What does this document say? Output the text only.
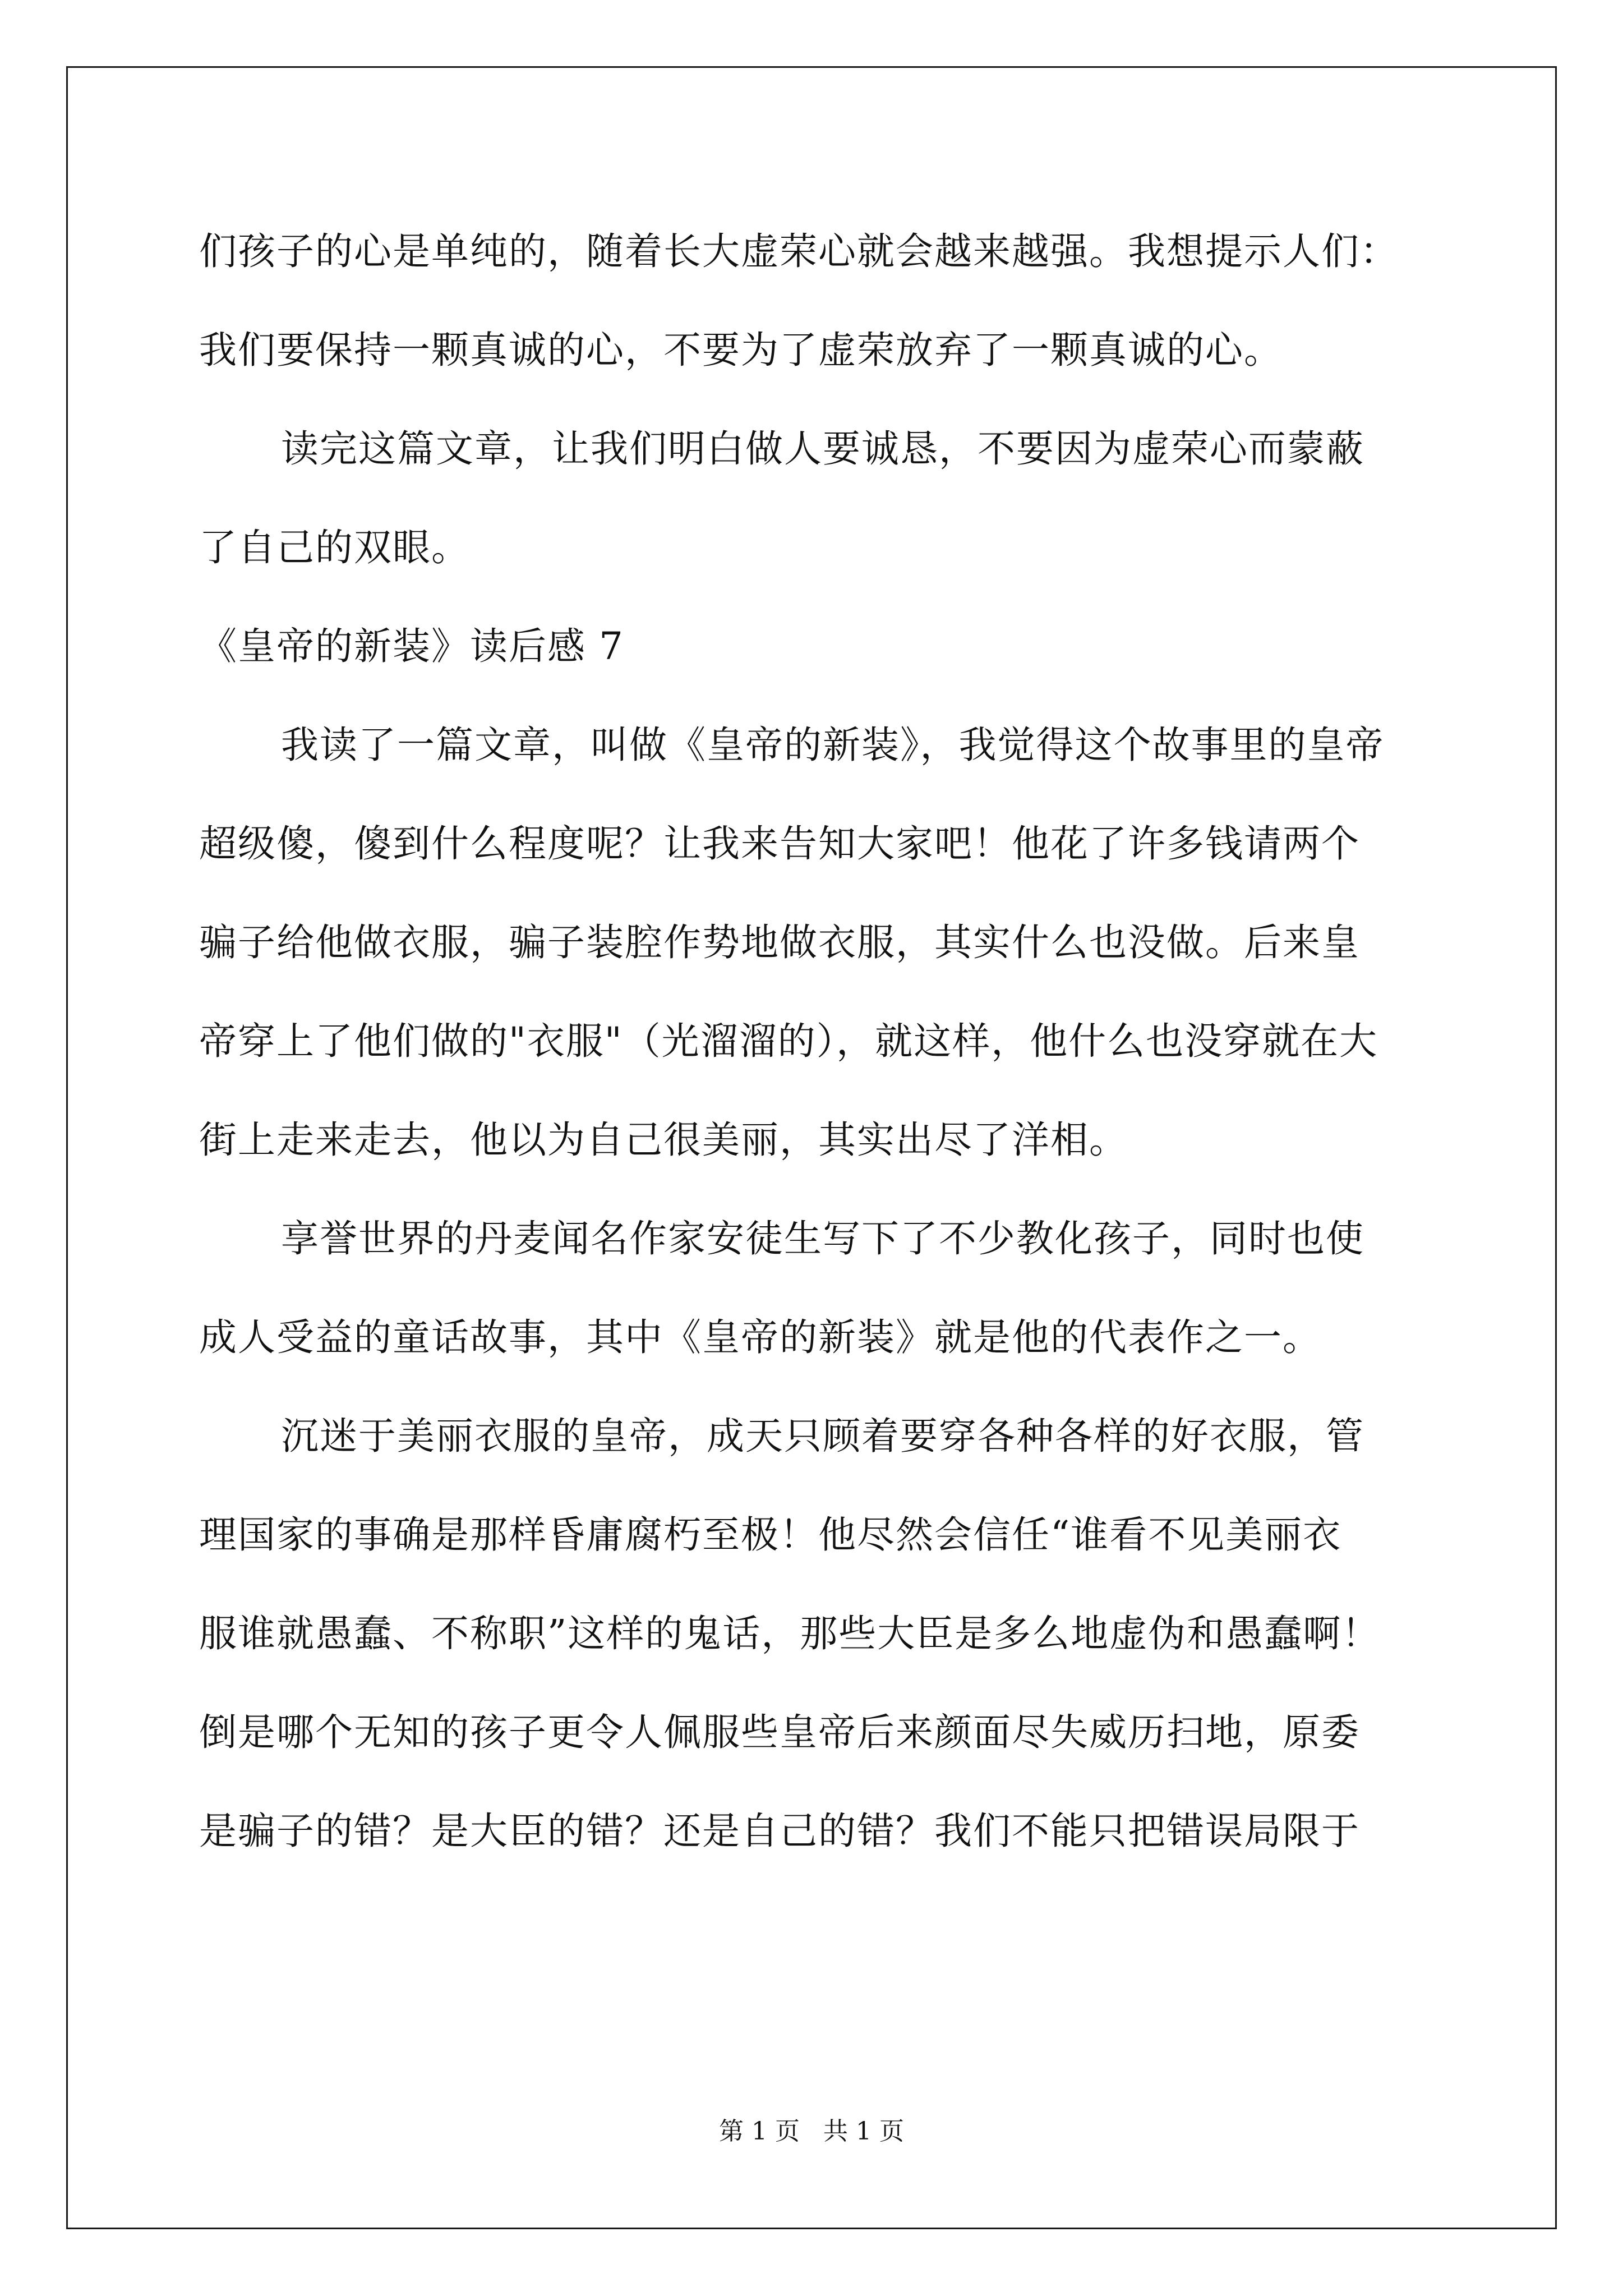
们孩子的心是单纯的，随着长大虚荣心就会越来越强。我想提示人们：
我们要保持一颗真诚的心，不要为了虚荣放弃了一颗真诚的心。
读完这篇文章，让我们明白做人要诚恳，不要因为虚荣心而蒙蔽
了自己的双眼。
《皇帝的新装》读后感 7
我读了一篇文章，叫做《皇帝的新装》，我觉得这个故事里的皇帝
超级傻，傻到什么程度呢？让我来告知大家吧！他花了许多钱请两个
骗子给他做衣服，骗子装腔作势地做衣服，其实什么也没做。后来皇
帝穿上了他们做的"衣服"（光溜溜的），就这样，他什么也没穿就在大
街上走来走去，他以为自己很美丽，其实出尽了洋相。
享誉世界的丹麦闻名作家安徒生写下了不少教化孩子，同时也使
成人受益的童话故事，其中《皇帝的新装》就是他的代表作之一。
沉迷于美丽衣服的皇帝，成天只顾着要穿各种各样的好衣服，管
理国家的事确是那样昏庸腐朽至极！他尽然会信任“谁看不见美丽衣
服谁就愚蠢、不称职”这样的鬼话，那些大臣是多么地虚伪和愚蠢啊！
倒是哪个无知的孩子更令人佩服些皇帝后来颜面尽失威历扫地，原委
是骗子的错？是大臣的错？还是自己的错？我们不能只把错误局限于
第 1 页   共 1 页
